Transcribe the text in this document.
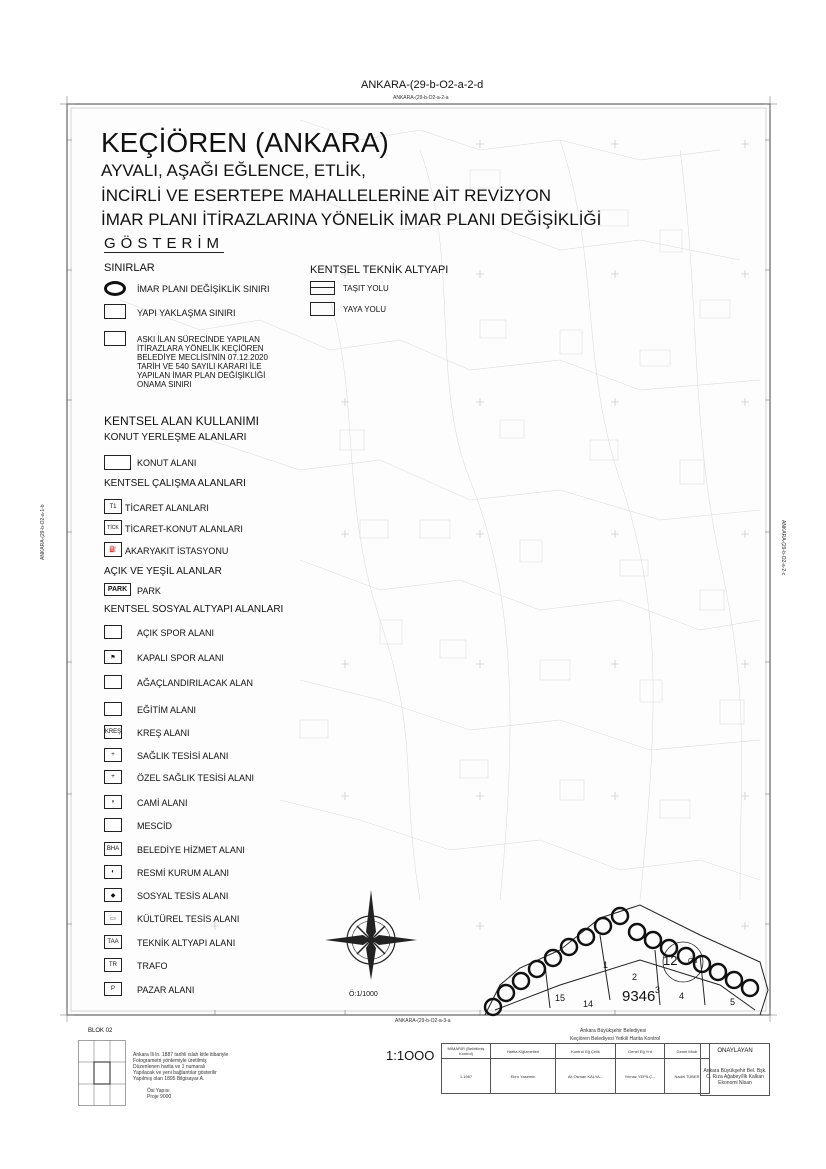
ANKARA-(29-b-O2-a-2-d
ANKARA-(29-b-O2-a-2-a
ANKARA-(29-b-O2-a-3-a
ANKARA-(29-b-O2-a-1-b	ANKARA-(29-b-O2-a-2-c
1
2
3
4
5
12
14
15
Ö3
9346
Ö:1/1000
KEÇİÖREN (ANKARA)
AYVALI, AŞAĞI EĞLENCE, ETLİK,
İNCİRLİ VE ESERTEPE MAHALLELERİNE AİT REVİZYON
İMAR PLANI İTİRAZLARINA YÖNELİK İMAR PLANI DEĞİŞİKLİĞİ
GÖSTERİM
SINIRLAR
İMAR PLANI DEĞİŞİKLİK SINIRI
YAPI YAKLAŞMA SINIRI
ASKI İLAN SÜRECİNDE YAPILAN
İTİRAZLARA YÖNELİK KEÇİÖREN
BELEDİYE MECLİSİ'NİN 07.12.2020
TARİH VE 540 SAYILI KARARI İLE
YAPILAN İMAR PLAN DEĞİŞİKLİĞİ
ONAMA SINIRI
KENTSEL TEKNİK ALTYAPI
TAŞIT YOLU
YAYA YOLU
KENTSEL ALAN KULLANIMI
KONUT YERLEŞME ALANLARI
KONUT ALANI
KENTSEL ÇALIŞMA ALANLARI
T1 TİCARET ALANLARI
TİCK TİCARET-KONUT ALANLARI
⛽ AKARYAKIT İSTASYONU
AÇIK VE YEŞİL ALANLAR
PARK	PARK
KENTSEL SOSYAL ALTYAPI ALANLARI
AÇIK SPOR ALANI
⚑	KAPALI SPOR ALANI
AĞAÇLANDIRILACAK ALAN
EĞİTİM ALANI
KREŞ KREŞ ALANI
+	SAĞLIK TESİSİ ALANI
+	ÖZEL SAĞLIK TESİSİ ALANI
◗	CAMİ ALANI
MESCİD
BHA BELEDİYE HİZMET ALANI
◐	RESMİ KURUM ALANI
◆	SOSYAL TESİS ALANI
▭	KÜLTÜREL TESİS ALANI
TAA TEKNİK ALTYAPI ALANI
TR	TRAFO
P	PAZAR ALANI
BLOK 02
Ankara İli ln. 1887 tarihli ıslah kitle itibariyle
Fotogrametri yöntemiyle üretilmiş
Düzenlenen harita ve 1 numaralı
Yapılacak ve yeni bağlantılar gösterilir
Yapılmış olan 1895 Bilgisayar A.
Ösi Yapısı
Proje 9000
1:1OOO
Ankara Büyükşehir Belediyesi
Keçiören Belediyesi Yetkili Harita Kontrol
MİMARİR (Belirtilmiş Kontrol)	Harita Kiğizmetleri	Kontrol Eğ Çelik	Genel Eğ Yrd	Genel Müdr
1.1987	Ebru Yasemin	Ali Osman KALYA...	Yılmaz YEPİLÇ...	Nadiri TÜBER
ONAYLAYAN
Ankara Büyükşehir Bel. Bşk.
C. Rıza Ağabey/İlk Kalkan
Ekonomi Nisan
